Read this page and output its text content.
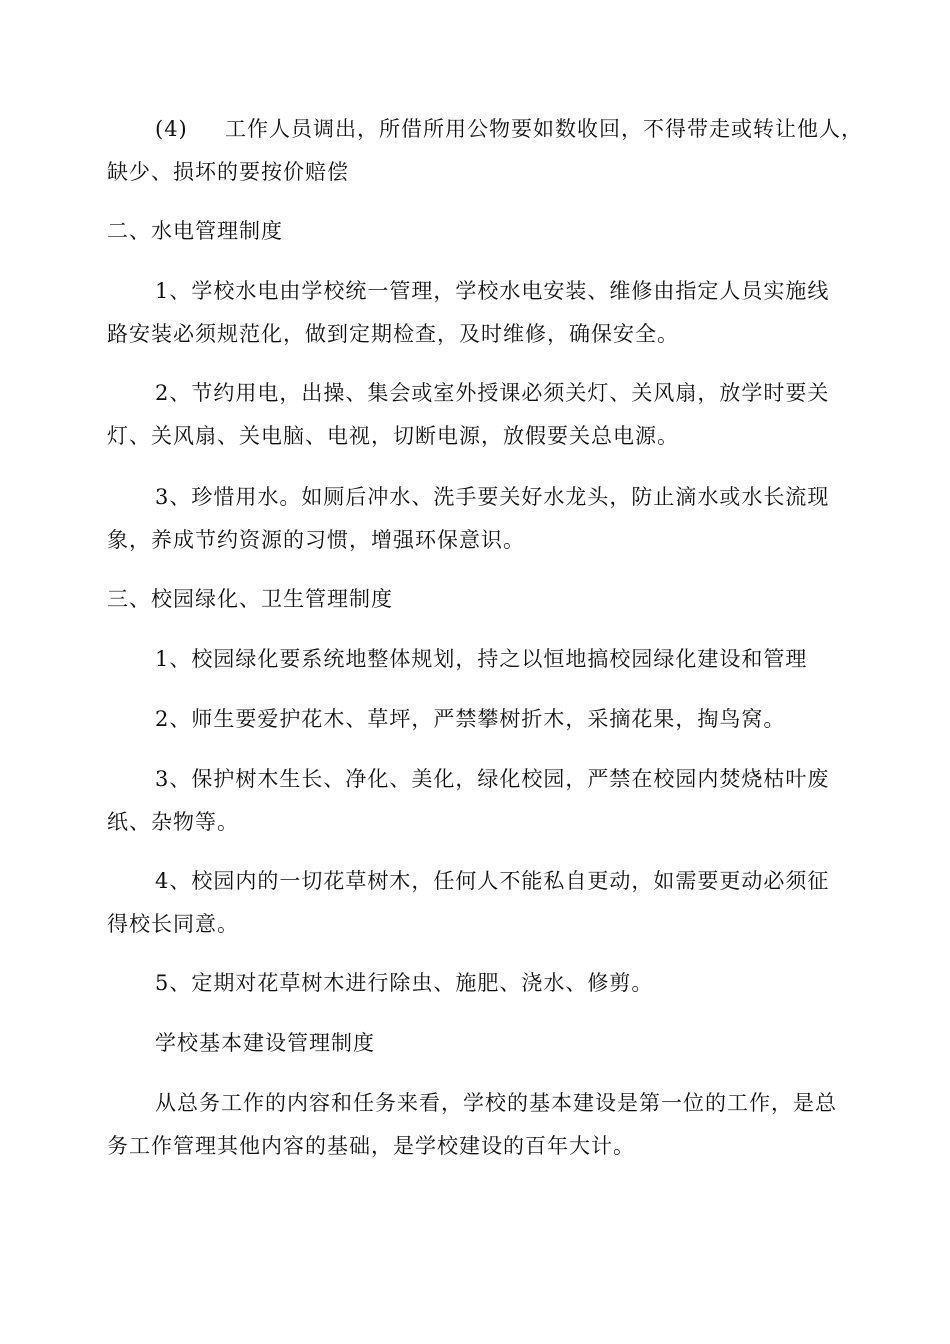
(4) 工作人员调出，所借所用公物要如数收回，不得带走或转让他人，
缺少、损坏的要按价赔偿

二、水电管理制度

1、学校水电由学校统一管理，学校水电安装、维修由指定人员实施线
路安装必须规范化，做到定期检查，及时维修，确保安全。

2、节约用电，出操、集会或室外授课必须关灯、关风扇，放学时要关
灯、关风扇、关电脑、电视，切断电源，放假要关总电源。

3、珍惜用水。如厕后冲水、洗手要关好水龙头，防止滴水或水长流现
象，养成节约资源的习惯，增强环保意识。

三、校园绿化、卫生管理制度

1、校园绿化要系统地整体规划，持之以恒地搞校园绿化建设和管理

2、师生要爱护花木、草坪，严禁攀树折木，采摘花果，掏鸟窝。

3、保护树木生长、净化、美化，绿化校园，严禁在校园内焚烧枯叶废
纸、杂物等。

4、校园内的一切花草树木，任何人不能私自更动，如需要更动必须征
得校长同意。

5、定期对花草树木进行除虫、施肥、浇水、修剪。

学校基本建设管理制度

从总务工作的内容和任务来看，学校的基本建设是第一位的工作，是总
务工作管理其他内容的基础，是学校建设的百年大计。
